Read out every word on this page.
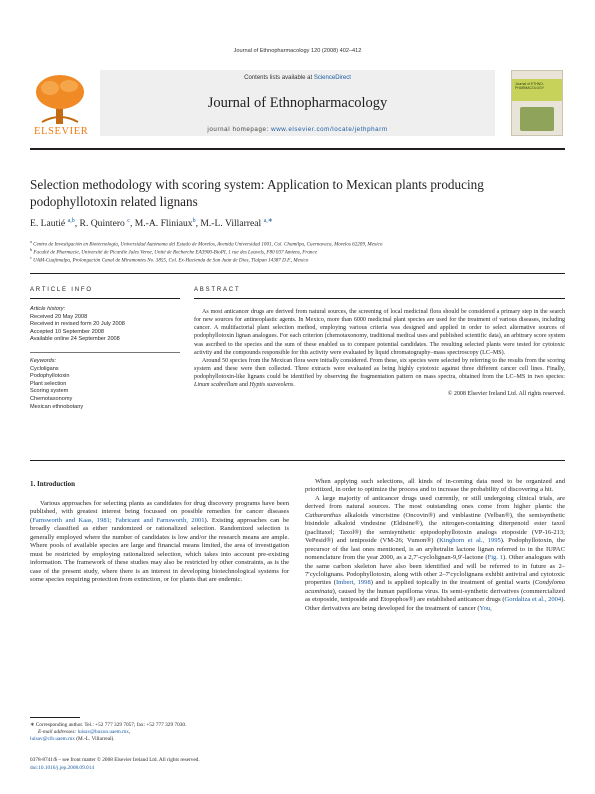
Journal of Ethnopharmacology 120 (2008) 402–412
ELSEVIER
Contents lists available at ScienceDirect
Journal of Ethnopharmacology
journal homepage: www.elsevier.com/locate/jethpharm
Journal of ETHNO-PHARMACOLOGY
Selection methodology with scoring system: Application to Mexican plants producing podophyllotoxin related lignans
E. Lautié $^{a,b}$, R. Quintero $^c$, M.-A. Fliniaux$^b$, M.-L. Villarreal $^{a,∗}$
$^a$ Centro de Investigación en Biotecnología, Universidad Autónoma del Estado de Morelos, Avenida Universidad 1001, Col. Chamilpa, Cuernavaca, Morelos 62209, Mexico
$^b$ Faculté de Pharmacie, Université de Picardie Jules Verne, Unité de Recherche EA3900-BioPI, 1 rue des Louvels, F80 037 Amiens, France
$^c$ UAM-Cuajimalpa, Prolongación Canal de Miramontes No. 3855, Col. Ex-Hacienda de San Juan de Dios, Tlalpan 14387 D.F., Mexico
ARTICLE INFO	ABSTRACT
Article history:
Received 20 May 2008
Received in revised form 20 July 2008
Accepted 10 September 2008
Available online 24 September 2008
Keywords:
Cycloligans
Podophyllotoxin
Plant selection
Scoring system
Chemotaxonomy
Mexican ethnobotany

As most anticancer drugs are derived from natural sources, the screening of local medicinal flora should be considered a primary step in the search for new sources for antineoplastic agents. In Mexico, more than 6000 medicinal plant species are used for the treatment of various diseases, including cancer. A multifactorial plant selection method, employing various criteria was designed and applied in order to select alternative sources of podophyllotoxin lignan analogues. For each criterion (chemotaxonomy, traditional medical uses and published scientific data), an arbitrary score system was ascribed to the species and the sum of these enabled us to compare potential candidates. The resulting selected plants were tested for cytotoxic activity and the compounds responsible for this activity were evaluated by liquid chromatography–mass spectroscopy (LC–MS).

Around 50 species from the Mexican flora were initially considered. From these, six species were selected by referring to the results from the scoring system and these were then collected. Three extracts were evaluated as being highly cytotoxic against three different cancer cell lines. Finally, podophyllotoxin-like lignans could be identified by observing the fragmentation pattern on mass spectra, obtained from the LC–MS in two species: Linum scabrellum and Hyptis suaveolens.

© 2008 Elsevier Ireland Ltd. All rights reserved.
1. Introduction

Various approaches for selecting plants as candidates for drug discovery programs have been published, with greatest interest being focussed on possible remedies for cancer diseases (Farnsworth and Kaas, 1981; Fabricant and Farnsworth, 2001). Existing approaches can be broadly classified as either randomized or rationalized selection. Randomized selection is generally employed where the number of candidates is low and/or the research means are ample. Where pools of available species are large and financial means limited, the area of investigation must be restricted by employing rationalized selection, which takes into account pre-existing information. The framework of these studies may also be restricted by other constraints, as is the case of the present study, where there is an interest in developing biotechnological systems for some species requiring protection from extinction, or for plants that are endemic.

When applying such selections, all kinds of in-coming data need to be organized and prioritized, in order to optimize the process and to increase the probability of discovering a hit.

A large majority of anticancer drugs used currently, or still undergoing clinical trials, are derived from natural sources. The most outstanding ones come from higher plants: the Catharanthus alkaloids vincristine (Oncovin®) and vinblastine (Velban®), the semisynthetic bisindole alkaloid vindesine (Eldisine®), the nitrogen-containing diterpenoid ester taxol (paclitaxel; Taxol®) the semisynthetic epipodophyllotoxin analogs etoposide (VP-16-213; VePesid®) and teniposide (VM-26; Vumon®) (Kinghorn et al., 1995). Podophyllotoxin, the precursor of the last ones mentioned, is an aryltetralin lactone lignan referred to in the IUPAC nomenclature from the year 2000, as a 2,7′-cyclolignan-9,9′-lactone (Fig. 1). Other analogues with the same carbon skeleton have also been identified and will be referred to in future as 2–7′cyclolignans. Podophyllotoxin, along with other 2–7′cyclolignans exhibit antiviral and cytotoxic properties (Imbert, 1998) and is applied topically in the treatment of genital warts (Condyloma acuminata), caused by the human papilloma virus. Its semi-synthetic derivatives (commercialized as etoposide, teniposide and Etopophos®) are established anticancer drugs (Gordaliza et al., 2004). Other derivatives are being developed for the treatment of cancer (You,

∗ Corresponding author. Tel.: +52 777 329 7057; fax: +52 777 329 7030.
E-mail addresses: luisav@buzon.uaem.mx,
luisav@cib.uaem.mx (M.-L. Villarreal).
0378-8741/$ – see front matter © 2008 Elsevier Ireland Ltd. All rights reserved.
doi:10.1016/j.jep.2008.09.014
